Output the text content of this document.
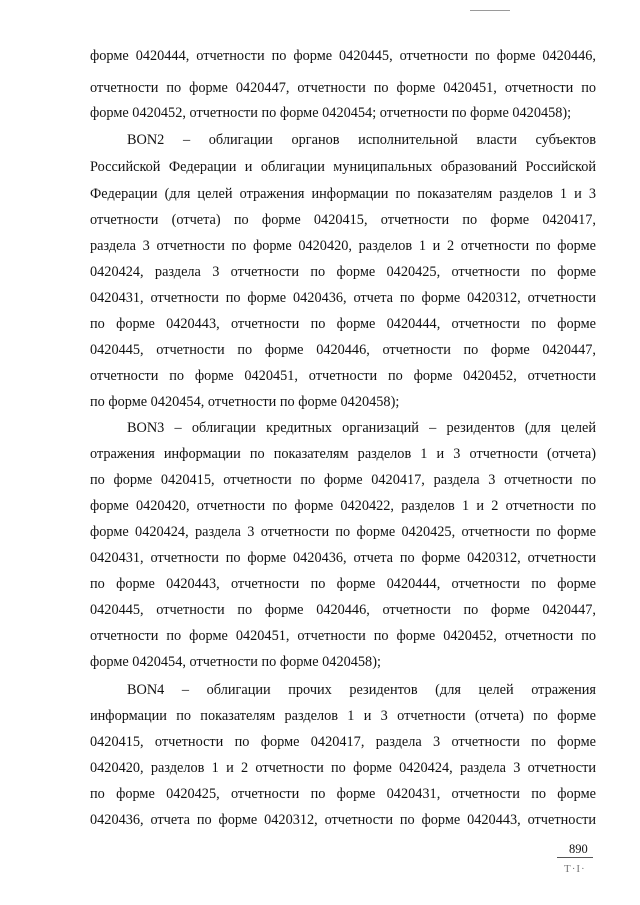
форме 0420444, отчетности по форме 0420445, отчетности по форме 0420446,
отчетности по форме 0420447, отчетности по форме 0420451, отчетности по
форме 0420452, отчетности по форме 0420454; отчетности по форме 0420458);
BON2 – облигации органов исполнительной власти субъектов
Российской Федерации и облигации муниципальных образований Российской
Федерации (для целей отражения информации по показателям разделов 1 и 3
отчетности (отчета) по форме 0420415, отчетности по форме 0420417,
раздела 3 отчетности по форме 0420420, разделов 1 и 2 отчетности по форме
0420424, раздела 3 отчетности по форме 0420425, отчетности по форме
0420431, отчетности по форме 0420436, отчета по форме 0420312, отчетности
по форме 0420443, отчетности по форме 0420444, отчетности по форме
0420445, отчетности по форме 0420446, отчетности по форме 0420447,
отчетности по форме 0420451, отчетности по форме 0420452, отчетности
по форме 0420454, отчетности по форме 0420458);
BON3 – облигации кредитных организаций – резидентов (для целей
отражения информации по показателям разделов 1 и 3 отчетности (отчета)
по форме 0420415, отчетности по форме 0420417, раздела 3 отчетности по
форме 0420420, отчетности по форме 0420422, разделов 1 и 2 отчетности по
форме 0420424, раздела 3 отчетности по форме 0420425, отчетности по форме
0420431, отчетности по форме 0420436, отчета по форме 0420312, отчетности
по форме 0420443, отчетности по форме 0420444, отчетности по форме
0420445, отчетности по форме 0420446, отчетности по форме 0420447,
отчетности по форме 0420451, отчетности по форме 0420452, отчетности по
форме 0420454, отчетности по форме 0420458);
BON4 – облигации прочих резидентов (для целей отражения
информации по показателям разделов 1 и 3 отчетности (отчета) по форме
0420415, отчетности по форме 0420417, раздела 3 отчетности по форме
0420420, разделов 1 и 2 отчетности по форме 0420424, раздела 3 отчетности
по форме 0420425, отчетности по форме 0420431, отчетности по форме
0420436, отчета по форме 0420312, отчетности по форме 0420443, отчетности
890
Т·І·
